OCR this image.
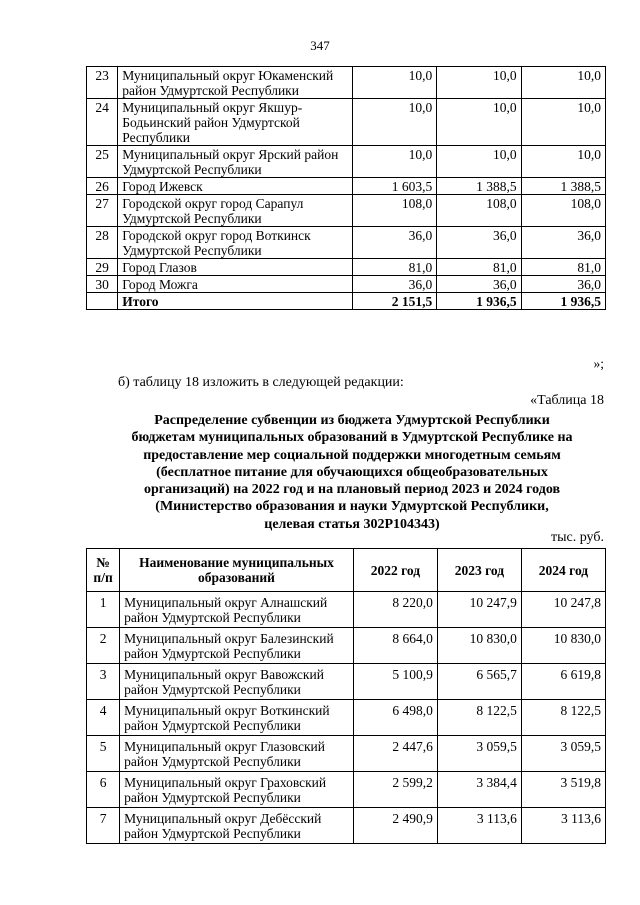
347
23	Муниципальный округ Юкаменский район Удмуртской Республики	10,0	10,0	10,0
24	Муниципальный округ Якшур-Бодьинский район Удмуртской Республики	10,0	10,0	10,0
25	Муниципальный округ Ярский район Удмуртской Республики	10,0	10,0	10,0
26	Город Ижевск	1 603,5	1 388,5	1 388,5
27	Городской округ город Сарапул Удмуртской Республики	108,0	108,0	108,0
28	Городской округ город Воткинск Удмуртской Республики	36,0	36,0	36,0
29	Город Глазов	81,0	81,0	81,0
30	Город Можга	36,0	36,0	36,0
	Итого	2 151,5	1 936,5	1 936,5
»;
б) таблицу 18 изложить в следующей редакции:
«Таблица 18
Распределение субвенции из бюджета Удмуртской Республики
бюджетам муниципальных образований в Удмуртской Республике на
предоставление мер социальной поддержки многодетным семьям
(бесплатное питание для обучающихся общеобразовательных
организаций) на 2022 год и на плановый период 2023 и 2024 годов
(Министерство образования и науки Удмуртской Республики,
целевая статья 302P104343)
тыс. руб.
№ п/п	Наименование муниципальных образований	2022 год	2023 год	2024 год
1	Муниципальный округ Алнашский район Удмуртской Республики	8 220,0	10 247,9	10 247,8
2	Муниципальный округ Балезинский район Удмуртской Республики	8 664,0	10 830,0	10 830,0
3	Муниципальный округ Вавожский район Удмуртской Республики	5 100,9	6 565,7	6 619,8
4	Муниципальный округ Воткинский район Удмуртской Республики	6 498,0	8 122,5	8 122,5
5	Муниципальный округ Глазовский район Удмуртской Республики	2 447,6	3 059,5	3 059,5
6	Муниципальный округ Граховский район Удмуртской Республики	2 599,2	3 384,4	3 519,8
7	Муниципальный округ Дебёсский район Удмуртской Республики	2 490,9	3 113,6	3 113,6
